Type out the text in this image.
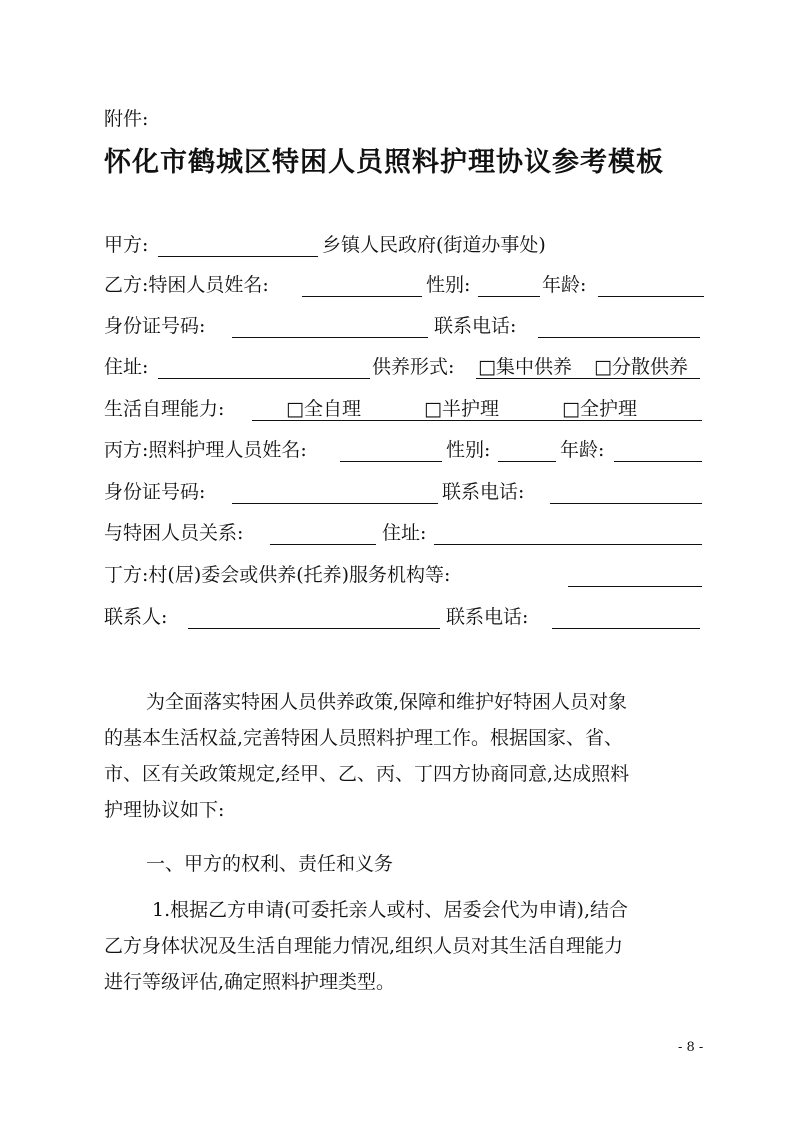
附件:
怀化市鹤城区特困人员照料护理协议参考模板
甲方:	乡镇人民政府(街道办事处)
乙方:特困人员姓名:	性别:	年龄:
身份证号码:	联系电话:
住址:	供养形式: □集中供养 □分散供养
生活自理能力:	□全自理	□半护理	□全护理
丙方:照料护理人员姓名:	性别:	年龄:
身份证号码:	联系电话:
与特困人员关系:	住址:
丁方:村(居)委会或供养(托养)服务机构等:
联系人:	联系电话:
为全面落实特困人员供养政策,保障和维护好特困人员对象
的基本生活权益,完善特困人员照料护理工作。根据国家、省、
市、区有关政策规定,经甲、乙、丙、丁四方协商同意,达成照料
护理协议如下:
一、甲方的权利、责任和义务
1.根据乙方申请(可委托亲人或村、居委会代为申请),结合
乙方身体状况及生活自理能力情况,组织人员对其生活自理能力
进行等级评估,确定照料护理类型。
- 8 -
